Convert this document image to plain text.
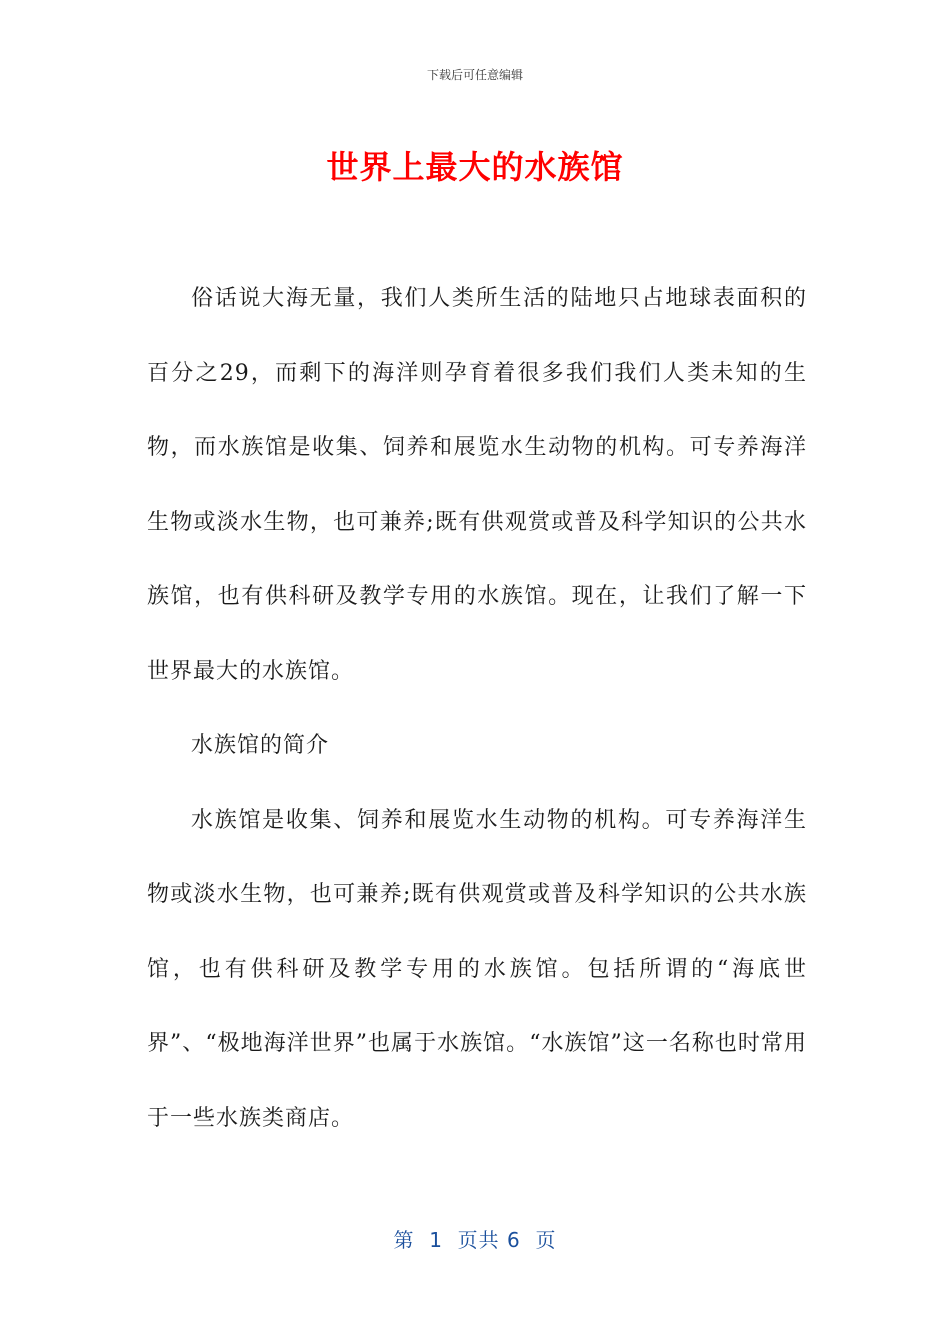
下载后可任意编辑
世界上最大的水族馆

俗话说大海无量，我们人类所生活的陆地只占地球表面积的百分之29，而剩下的海洋则孕育着很多我们我们人类未知的生物，而水族馆是收集、饲养和展览水生动物的机构。可专养海洋生物或淡水生物，也可兼养;既有供观赏或普及科学知识的公共水族馆，也有供科研及教学专用的水族馆。现在，让我们了解一下世界最大的水族馆。

水族馆的简介

水族馆是收集、饲养和展览水生动物的机构。可专养海洋生物或淡水生物，也可兼养;既有供观赏或普及科学知识的公共水族馆，也有供科研及教学专用的水族馆。包括所谓的“海底世界”、“极地海洋世界”也属于水族馆。“水族馆”这一名称也时常用于一些水族类商店。

第  1  页共 6  页
